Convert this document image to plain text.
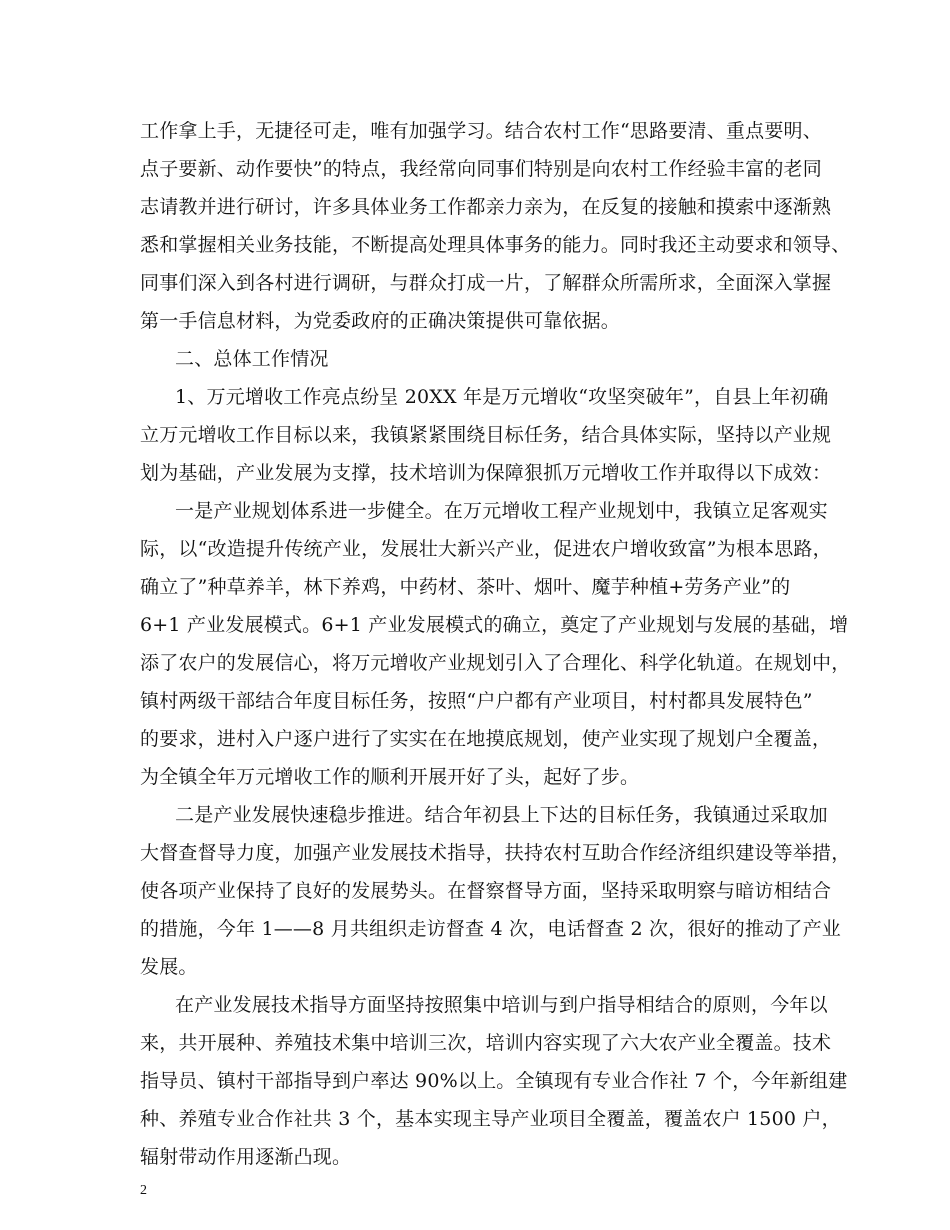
工作拿上手，无捷径可走，唯有加强学习。结合农村工作“思路要清、重点要明、
点子要新、动作要快”的特点，我经常向同事们特别是向农村工作经验丰富的老同
志请教并进行研讨，许多具体业务工作都亲力亲为，在反复的接触和摸索中逐渐熟
悉和掌握相关业务技能，不断提高处理具体事务的能力。同时我还主动要求和领导、
同事们深入到各村进行调研，与群众打成一片，了解群众所需所求，全面深入掌握
第一手信息材料，为党委政府的正确决策提供可靠依据。
二、总体工作情况
1、万元增收工作亮点纷呈 20XX 年是万元增收“攻坚突破年”，自县上年初确
立万元增收工作目标以来，我镇紧紧围绕目标任务，结合具体实际，坚持以产业规
划为基础，产业发展为支撑，技术培训为保障狠抓万元增收工作并取得以下成效：
一是产业规划体系进一步健全。在万元增收工程产业规划中，我镇立足客观实
际，以“改造提升传统产业，发展壮大新兴产业，促进农户增收致富”为根本思路，
确立了”种草养羊，林下养鸡，中药材、茶叶、烟叶、魔芋种植+劳务产业”的
6+1 产业发展模式。6+1 产业发展模式的确立，奠定了产业规划与发展的基础，增
添了农户的发展信心，将万元增收产业规划引入了合理化、科学化轨道。在规划中，
镇村两级干部结合年度目标任务，按照“户户都有产业项目，村村都具发展特色”
的要求，进村入户逐户进行了实实在在地摸底规划，使产业实现了规划户全覆盖，
为全镇全年万元增收工作的顺利开展开好了头，起好了步。
二是产业发展快速稳步推进。结合年初县上下达的目标任务，我镇通过采取加
大督查督导力度，加强产业发展技术指导，扶持农村互助合作经济组织建设等举措，
使各项产业保持了良好的发展势头。在督察督导方面，坚持采取明察与暗访相结合
的措施，今年 1——8 月共组织走访督查 4 次，电话督查 2 次，很好的推动了产业
发展。
在产业发展技术指导方面坚持按照集中培训与到户指导相结合的原则，今年以
来，共开展种、养殖技术集中培训三次，培训内容实现了六大农产业全覆盖。技术
指导员、镇村干部指导到户率达 90%以上。全镇现有专业合作社 7 个，今年新组建
种、养殖专业合作社共 3 个，基本实现主导产业项目全覆盖，覆盖农户 1500 户，
辐射带动作用逐渐凸现。
2
